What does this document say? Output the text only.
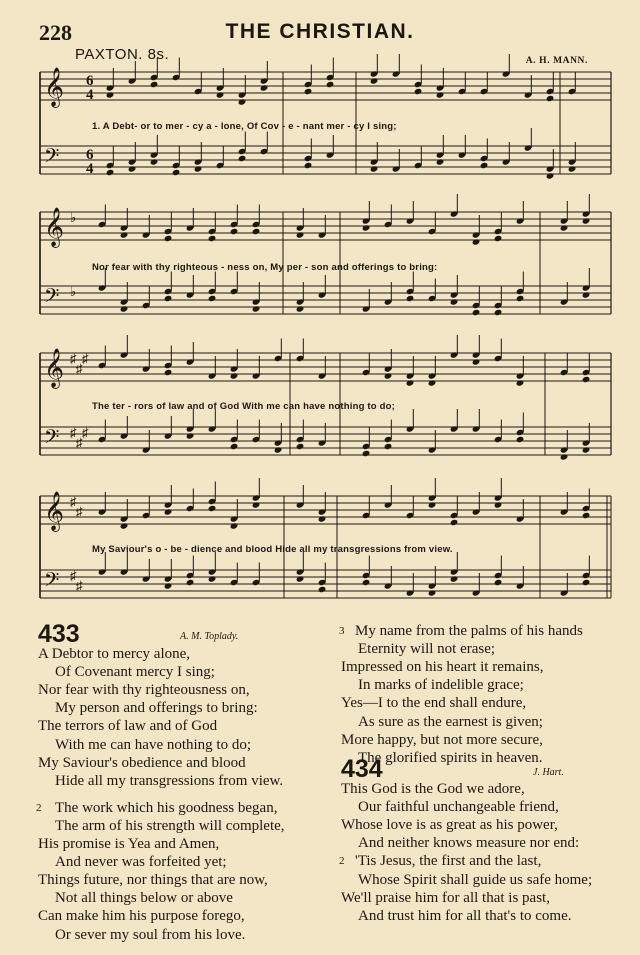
228	THE CHRISTIAN.
PAXTON. 8s.	A. H. MANN.
𝄞 6
4
𝄢 6
4
𝄞 ♭
𝄢 ♭
𝄞 ♯
♯
♯
𝄢 ♯
♯
♯
𝄞 ♯
♯
𝄢 ♯
♯
1. A Debt- or to mer - cy a - lone, Of Cov - e - nant mer - cy I sing;
Nor fear with thy righteous - ness on, My per - son and offerings to bring:
The ter - rors of law and of God With me can have nothing to do;
My Saviour's o - be - dience and blood Hide all my transgressions from view.
433	A. M. Toplady.
A Debtor to mercy alone,
Of Covenant mercy I sing;
Nor fear with thy righteousness on,
My person and offerings to bring:
The terrors of law and of God
With me can have nothing to do;
My Saviour's obedience and blood
Hide all my transgressions from view.
2 The work which his goodness began,
The arm of his strength will complete,
His promise is Yea and Amen,
And never was forfeited yet;
Things future, nor things that are now,
Not all things below or above
Can make him his purpose forego,
Or sever my soul from his love.
3 My name from the palms of his hands
Eternity will not erase;
Impressed on his heart it remains,
In marks of indelible grace;
Yes—I to the end shall endure,
As sure as the earnest is given;
More happy, but not more secure,
The glorified spirits in heaven.
434	J. Hart.
This God is the God we adore,
Our faithful unchangeable friend,
Whose love is as great as his power,
And neither knows measure nor end:
2 'Tis Jesus, the first and the last,
Whose Spirit shall guide us safe home;
We'll praise him for all that is past,
And trust him for all that's to come.
